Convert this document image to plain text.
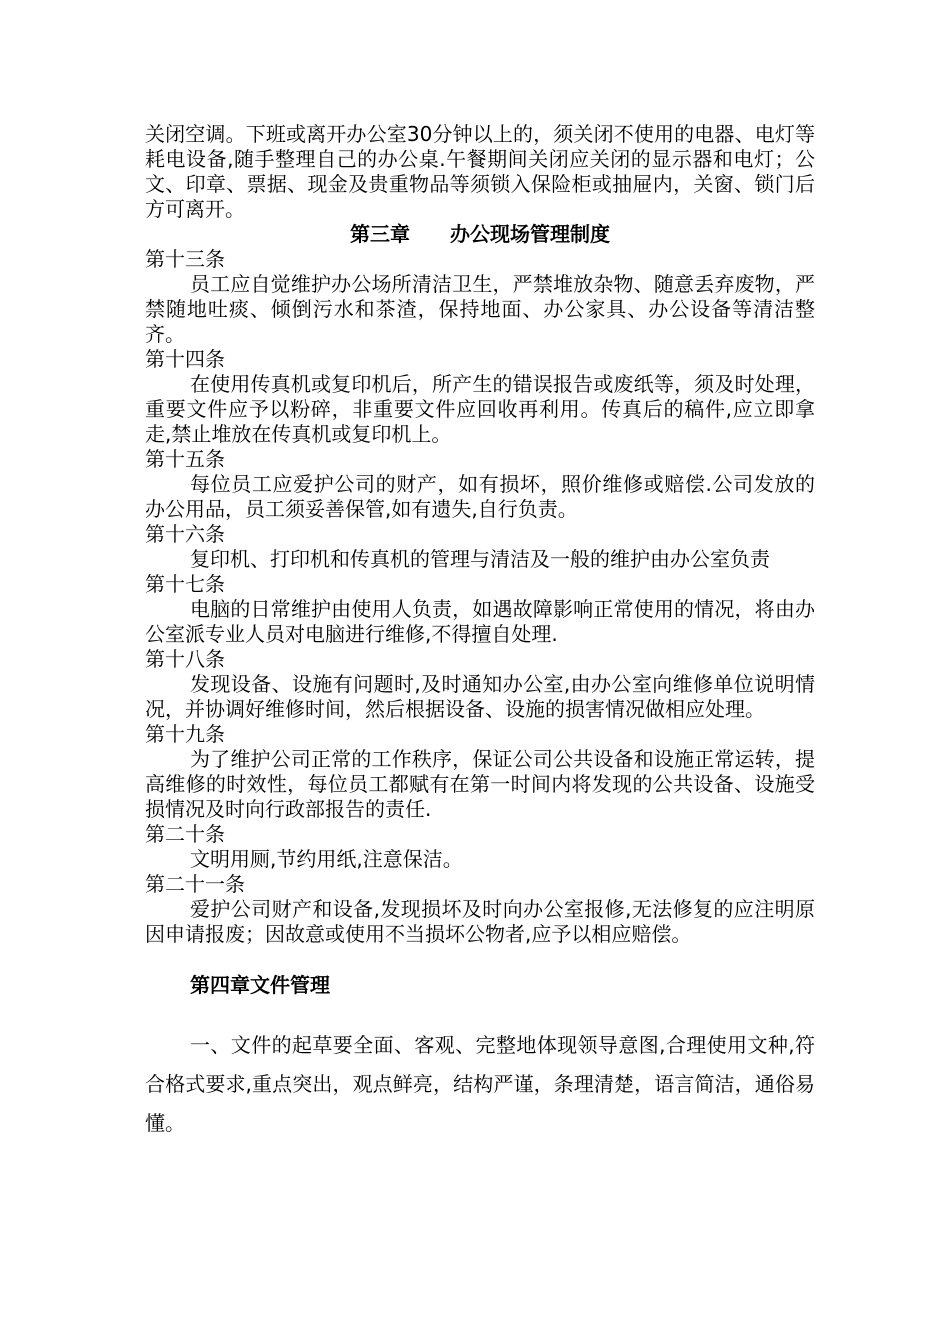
关闭空调。下班或离开办公室30分钟以上的，须关闭不使用的电器、电灯等耗电设备,随手整理自己的办公桌.午餐期间关闭应关闭的显示器和电灯；公文、印章、票据、现金及贵重物品等须锁入保险柜或抽屉内，关窗、锁门后方可离开。

第三章　　办公现场管理制度

第十三条

员工应自觉维护办公场所清洁卫生，严禁堆放杂物、随意丢弃废物，严禁随地吐痰、倾倒污水和茶渣，保持地面、办公家具、办公设备等清洁整齐。

第十四条

在使用传真机或复印机后，所产生的错误报告或废纸等，须及时处理，重要文件应予以粉碎，非重要文件应回收再利用。传真后的稿件,应立即拿走,禁止堆放在传真机或复印机上。

第十五条

每位员工应爱护公司的财产，如有损坏，照价维修或赔偿.公司发放的办公用品，员工须妥善保管,如有遗失,自行负责。

第十六条

复印机、打印机和传真机的管理与清洁及一般的维护由办公室负责

第十七条

电脑的日常维护由使用人负责，如遇故障影响正常使用的情况，将由办公室派专业人员对电脑进行维修,不得擅自处理.

第十八条

发现设备、设施有问题时,及时通知办公室,由办公室向维修单位说明情况，并协调好维修时间，然后根据设备、设施的损害情况做相应处理。

第十九条

为了维护公司正常的工作秩序，保证公司公共设备和设施正常运转，提高维修的时效性，每位员工都赋有在第一时间内将发现的公共设备、设施受损情况及时向行政部报告的责任.

第二十条

文明用厕,节约用纸,注意保洁。

第二十一条

爱护公司财产和设备,发现损坏及时向办公室报修,无法修复的应注明原因申请报废；因故意或使用不当损坏公物者,应予以相应赔偿。

第四章文件管理

一、文件的起草要全面、客观、完整地体现领导意图,合理使用文种,符合格式要求,重点突出，观点鲜亮，结构严谨，条理清楚，语言简洁，通俗易懂。
